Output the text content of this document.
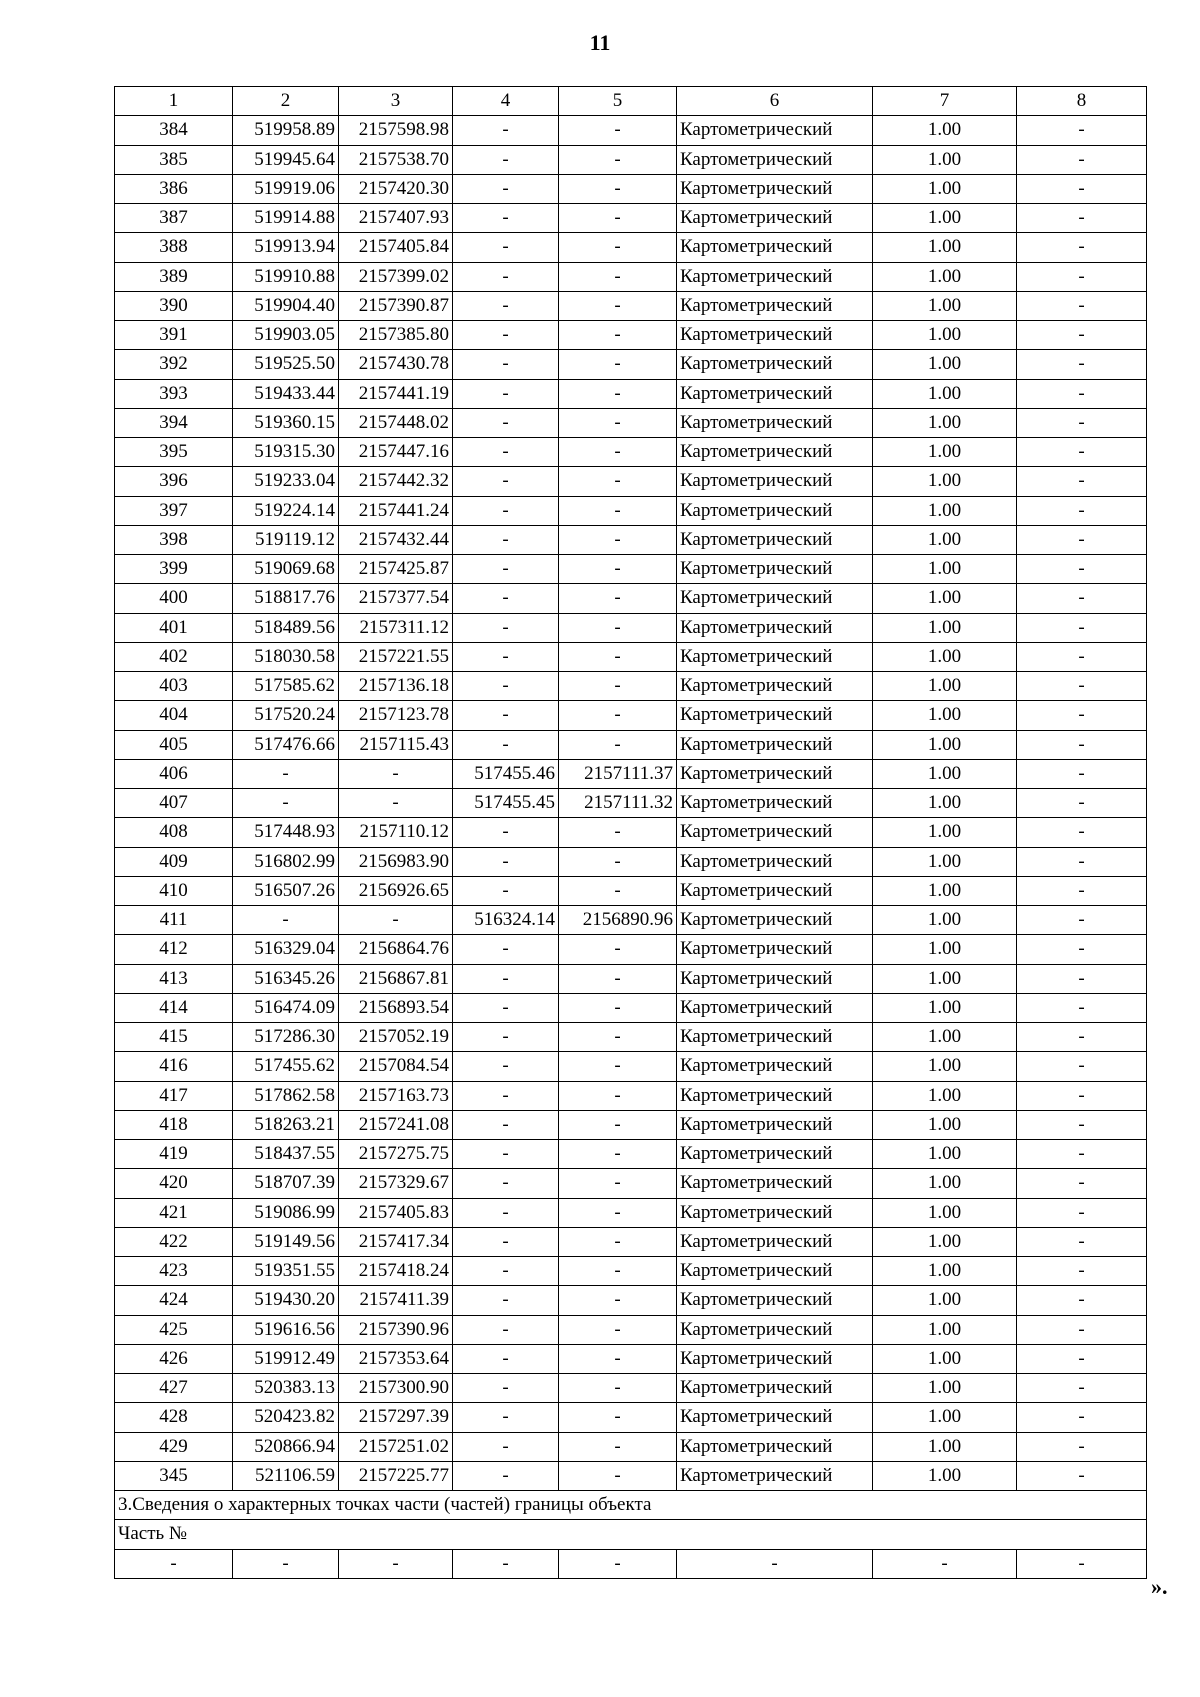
11
1	2	3	4	5	6	7	8
384	519958.89	2157598.98	-	-	Картометрический	1.00	-
385	519945.64	2157538.70	-	-	Картометрический	1.00	-
386	519919.06	2157420.30	-	-	Картометрический	1.00	-
387	519914.88	2157407.93	-	-	Картометрический	1.00	-
388	519913.94	2157405.84	-	-	Картометрический	1.00	-
389	519910.88	2157399.02	-	-	Картометрический	1.00	-
390	519904.40	2157390.87	-	-	Картометрический	1.00	-
391	519903.05	2157385.80	-	-	Картометрический	1.00	-
392	519525.50	2157430.78	-	-	Картометрический	1.00	-
393	519433.44	2157441.19	-	-	Картометрический	1.00	-
394	519360.15	2157448.02	-	-	Картометрический	1.00	-
395	519315.30	2157447.16	-	-	Картометрический	1.00	-
396	519233.04	2157442.32	-	-	Картометрический	1.00	-
397	519224.14	2157441.24	-	-	Картометрический	1.00	-
398	519119.12	2157432.44	-	-	Картометрический	1.00	-
399	519069.68	2157425.87	-	-	Картометрический	1.00	-
400	518817.76	2157377.54	-	-	Картометрический	1.00	-
401	518489.56	2157311.12	-	-	Картометрический	1.00	-
402	518030.58	2157221.55	-	-	Картометрический	1.00	-
403	517585.62	2157136.18	-	-	Картометрический	1.00	-
404	517520.24	2157123.78	-	-	Картометрический	1.00	-
405	517476.66	2157115.43	-	-	Картометрический	1.00	-
406	-	-	517455.46	2157111.37	Картометрический	1.00	-
407	-	-	517455.45	2157111.32	Картометрический	1.00	-
408	517448.93	2157110.12	-	-	Картометрический	1.00	-
409	516802.99	2156983.90	-	-	Картометрический	1.00	-
410	516507.26	2156926.65	-	-	Картометрический	1.00	-
411	-	-	516324.14	2156890.96	Картометрический	1.00	-
412	516329.04	2156864.76	-	-	Картометрический	1.00	-
413	516345.26	2156867.81	-	-	Картометрический	1.00	-
414	516474.09	2156893.54	-	-	Картометрический	1.00	-
415	517286.30	2157052.19	-	-	Картометрический	1.00	-
416	517455.62	2157084.54	-	-	Картометрический	1.00	-
417	517862.58	2157163.73	-	-	Картометрический	1.00	-
418	518263.21	2157241.08	-	-	Картометрический	1.00	-
419	518437.55	2157275.75	-	-	Картометрический	1.00	-
420	518707.39	2157329.67	-	-	Картометрический	1.00	-
421	519086.99	2157405.83	-	-	Картометрический	1.00	-
422	519149.56	2157417.34	-	-	Картометрический	1.00	-
423	519351.55	2157418.24	-	-	Картометрический	1.00	-
424	519430.20	2157411.39	-	-	Картометрический	1.00	-
425	519616.56	2157390.96	-	-	Картометрический	1.00	-
426	519912.49	2157353.64	-	-	Картометрический	1.00	-
427	520383.13	2157300.90	-	-	Картометрический	1.00	-
428	520423.82	2157297.39	-	-	Картометрический	1.00	-
429	520866.94	2157251.02	-	-	Картометрический	1.00	-
345	521106.59	2157225.77	-	-	Картометрический	1.00	-
3.Сведения о характерных точках части (частей) границы объекта							
Часть №							
-	-	-	-	-	-	-	-
».
